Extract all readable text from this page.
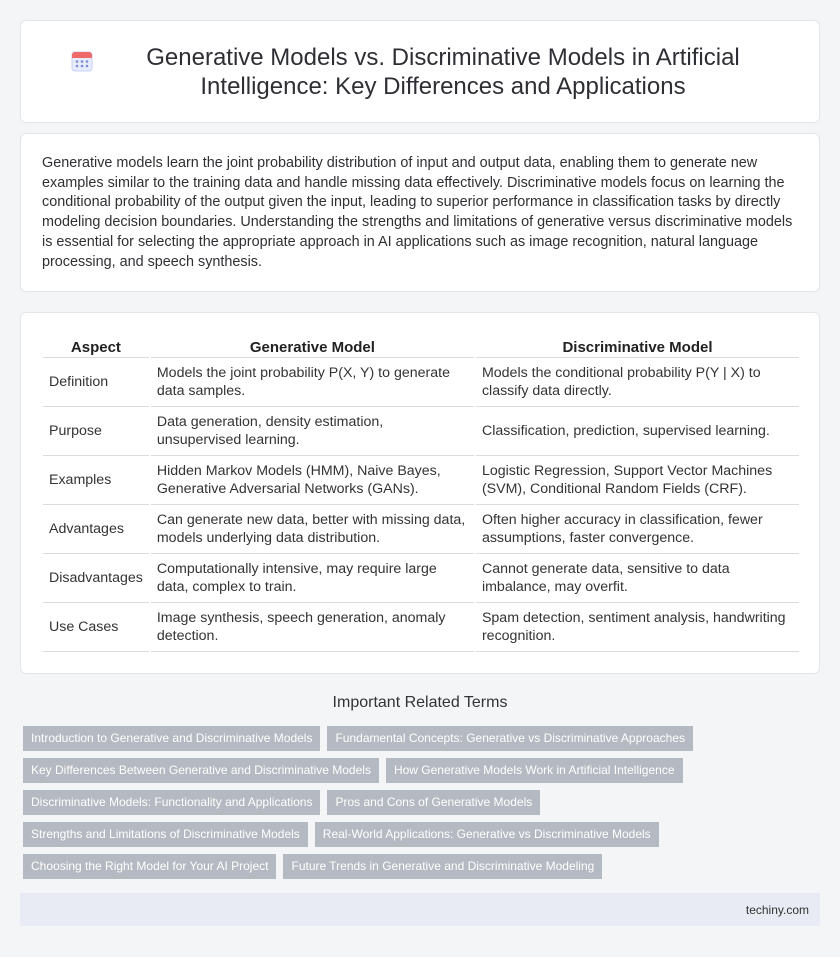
Generative Models vs. Discriminative Models in Artificial Intelligence: Key Differences and Applications

Generative models learn the joint probability distribution of input and output data, enabling them to generate new examples similar to the training data and handle missing data effectively. Discriminative models focus on learning the conditional probability of the output given the input, leading to superior performance in classification tasks by directly modeling decision boundaries. Understanding the strengths and limitations of generative versus discriminative models is essential for selecting the appropriate approach in AI applications such as image recognition, natural language processing, and speech synthesis.

Aspect	Generative Model	Discriminative Model
Definition	Models the joint probability P(X, Y) to generate data samples.	Models the conditional probability P(Y | X) to classify data directly.
Purpose	Data generation, density estimation, unsupervised learning.	Classification, prediction, supervised learning.
Examples	Hidden Markov Models (HMM), Naive Bayes, Generative Adversarial Networks (GANs).	Logistic Regression, Support Vector Machines (SVM), Conditional Random Fields (CRF).
Advantages	Can generate new data, better with missing data, models underlying data distribution.	Often higher accuracy in classification, fewer assumptions, faster convergence.
Disadvantages	Computationally intensive, may require large data, complex to train.	Cannot generate data, sensitive to data imbalance, may overfit.
Use Cases	Image synthesis, speech generation, anomaly detection.	Spam detection, sentiment analysis, handwriting recognition.
Important Related Terms
Introduction to Generative and Discriminative Models	Fundamental Concepts: Generative vs Discriminative Approaches
Key Differences Between Generative and Discriminative Models	How Generative Models Work in Artificial Intelligence
Discriminative Models: Functionality and Applications	Pros and Cons of Generative Models
Strengths and Limitations of Discriminative Models	Real-World Applications: Generative vs Discriminative Models
Choosing the Right Model for Your AI Project	Future Trends in Generative and Discriminative Modeling
techiny.com
